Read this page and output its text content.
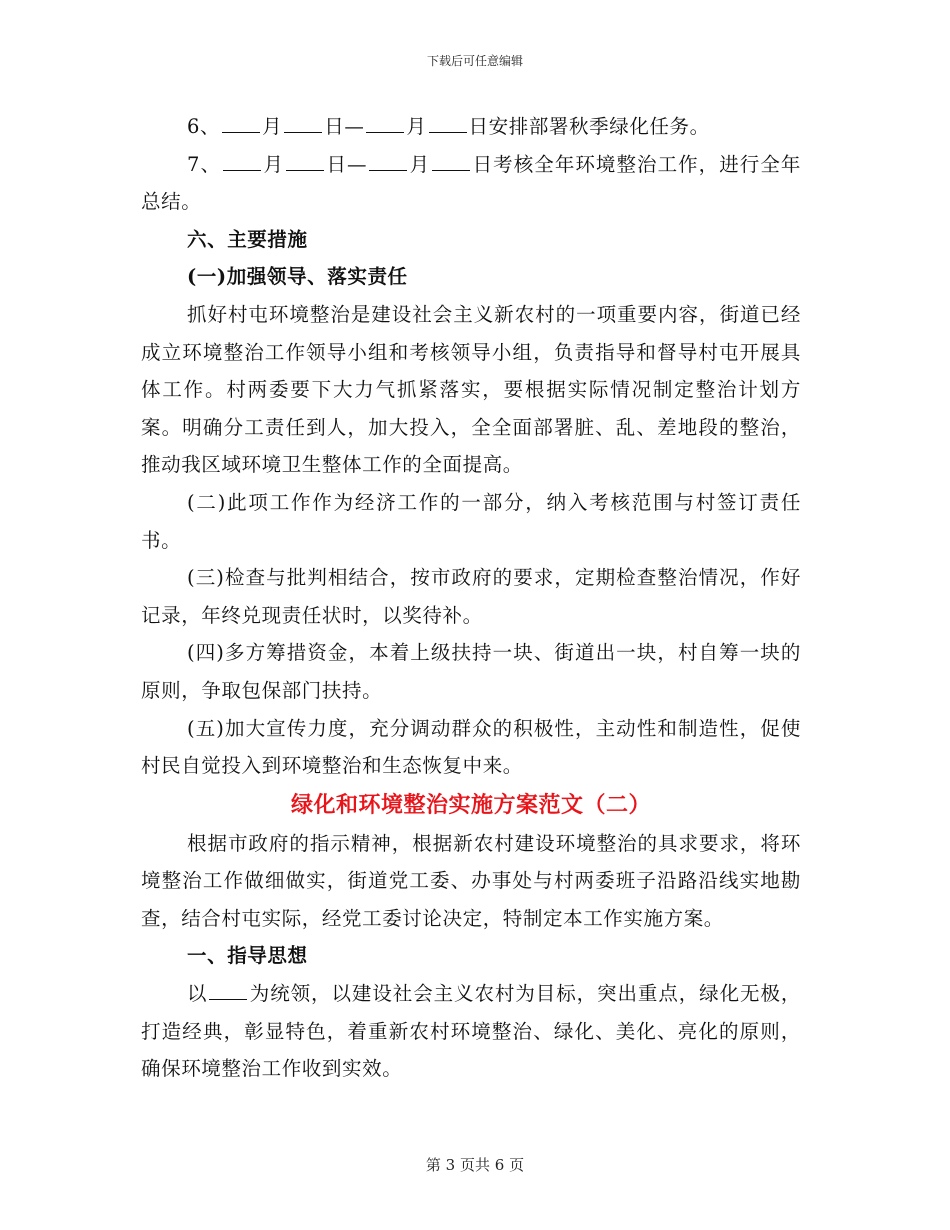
下载后可任意编辑

6、 月 日— 月 日安排部署秋季绿化任务。

7、 月 日— 月 日考核全年环境整治工作，进行全年总结。

六、主要措施

(一)加强领导、落实责任

抓好村屯环境整治是建设社会主义新农村的一项重要内容，街道已经成立环境整治工作领导小组和考核领导小组，负责指导和督导村屯开展具体工作。村两委要下大力气抓紧落实，要根据实际情况制定整治计划方案。明确分工责任到人，加大投入，全全面部署脏、乱、差地段的整治，推动我区域环境卫生整体工作的全面提高。

(二)此项工作作为经济工作的一部分，纳入考核范围与村签订责任书。

(三)检查与批判相结合，按市政府的要求，定期检查整治情况，作好记录，年终兑现责任状时，以奖待补。

(四)多方筹措资金，本着上级扶持一块、街道出一块，村自筹一块的原则，争取包保部门扶持。

(五)加大宣传力度，充分调动群众的积极性，主动性和制造性，促使村民自觉投入到环境整治和生态恢复中来。

绿化和环境整治实施方案范文（二）

根据市政府的指示精神，根据新农村建设环境整治的具求要求，将环境整治工作做细做实，街道党工委、办事处与村两委班子沿路沿线实地勘查，结合村屯实际，经党工委讨论决定，特制定本工作实施方案。

一、指导思想

以 为统领，以建设社会主义农村为目标，突出重点，绿化无极，打造经典，彰显特色，着重新农村环境整治、绿化、美化、亮化的原则，确保环境整治工作收到实效。

第 3 页共 6 页
